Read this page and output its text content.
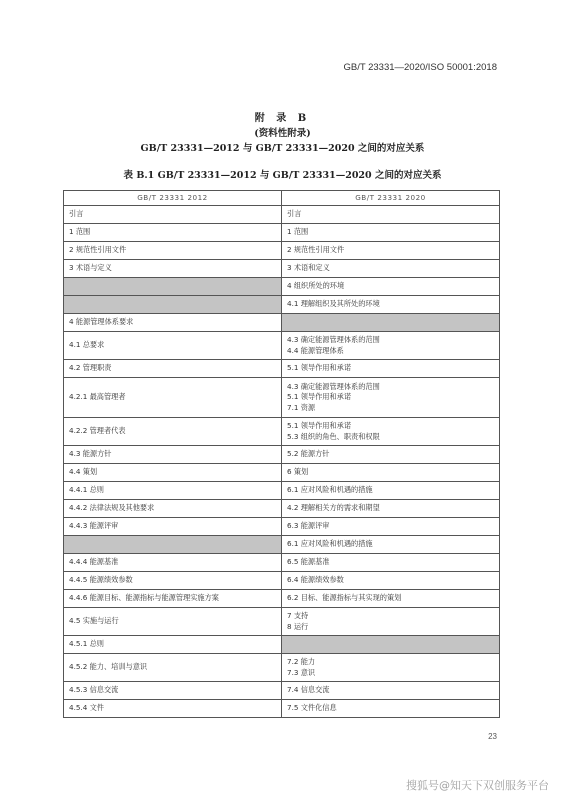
GB/T 23331—2020/ISO 50001:2018
附 录 B
(资料性附录)
GB/T 23331—2012 与 GB/T 23331—2020 之间的对应关系
表 B.1 GB/T 23331—2012 与 GB/T 23331—2020 之间的对应关系
GB/T 23331 2012	GB/T 23331 2020

引言	引言

1 范围	1 范围

2 规范性引用文件	2 规范性引用文件

3 术语与定义	3 术语和定义

	4 组织所处的环境

	4.1 理解组织及其所处的环境

4 能源管理体系要求	

4.1 总要求	4.3 确定能源管理体系的范围
4.4 能源管理体系

4.2 管理职责	5.1 领导作用和承诺

4.2.1 最高管理者	4.3 确定能源管理体系的范围
5.1 领导作用和承诺
7.1 资源

4.2.2 管理者代表	5.1 领导作用和承诺
5.3 组织的角色、职责和权限

4.3 能源方针	5.2 能源方针

4.4 策划	6 策划

4.4.1 总则	6.1 应对风险和机遇的措施

4.4.2 法律法规及其他要求	4.2 理解相关方的需求和期望

4.4.3 能源评审	6.3 能源评审

	6.1 应对风险和机遇的措施

4.4.4 能源基准	6.5 能源基准

4.4.5 能源绩效参数	6.4 能源绩效参数

4.4.6 能源目标、能源指标与能源管理实施方案	6.2 目标、能源指标与其实现的策划

4.5 实施与运行	7 支持
8 运行

4.5.1 总则	

4.5.2 能力、培训与意识	7.2 能力
7.3 意识

4.5.3 信息交流	7.4 信息交流

4.5.4 文件	7.5 文件化信息
23
搜狐号@知天下双创服务平台
